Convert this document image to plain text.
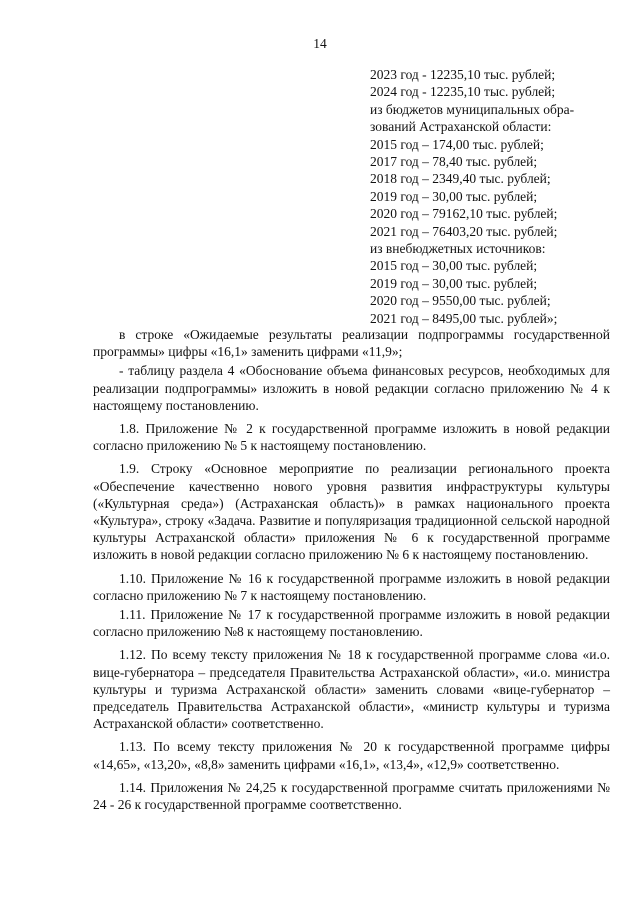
14
2023 год - 12235,10 тыс. рублей;
2024 год - 12235,10 тыс. рублей;
из бюджетов муниципальных обра-
зований Астраханской области:
2015 год – 174,00 тыс. рублей;
2017 год – 78,40 тыс. рублей;
2018 год – 2349,40 тыс. рублей;
2019 год – 30,00 тыс. рублей;
2020 год – 79162,10 тыс. рублей;
2021 год – 76403,20 тыс. рублей;
из внебюджетных источников:
2015 год – 30,00 тыс. рублей;
2019 год – 30,00 тыс. рублей;
2020 год – 9550,00 тыс. рублей;
2021 год – 8495,00 тыс. рублей»;

в строке «Ожидаемые результаты реализации подпрограммы государственной программы» цифры «16,1» заменить цифрами «11,9»;

- таблицу раздела 4 «Обоснование объема финансовых ресурсов, необходимых для реализации подпрограммы» изложить в новой редакции согласно приложению № 4 к настоящему постановлению.

1.8. Приложение № 2 к государственной программе изложить в новой редакции согласно приложению № 5 к настоящему постановлению.

1.9. Строку «Основное мероприятие по реализации регионального проекта «Обеспечение качественно нового уровня развития инфраструктуры культуры («Культурная среда») (Астраханская область)» в рамках национального проекта «Культура», строку «Задача. Развитие и популяризация традиционной сельской народной культуры Астраханской области» приложения № 6 к государственной программе изложить в новой редакции согласно приложению № 6 к настоящему постановлению.

1.10. Приложение № 16 к государственной программе изложить в новой редакции согласно приложению № 7 к настоящему постановлению.

1.11. Приложение № 17 к государственной программе изложить в новой редакции согласно приложению №8 к настоящему постановлению.

1.12. По всему тексту приложения № 18 к государственной программе слова «и.о. вице-губернатора – председателя Правительства Астраханской области», «и.о. министра культуры и туризма Астраханской области» заменить словами «вице-губернатор – председатель Правительства Астраханской области», «министр культуры и туризма Астраханской области» соответственно.

1.13. По всему тексту приложения № 20 к государственной программе цифры «14,65», «13,20», «8,8» заменить цифрами «16,1», «13,4», «12,9» соответственно.

1.14. Приложения № 24,25 к государственной программе считать приложениями № 24 - 26 к государственной программе соответственно.
